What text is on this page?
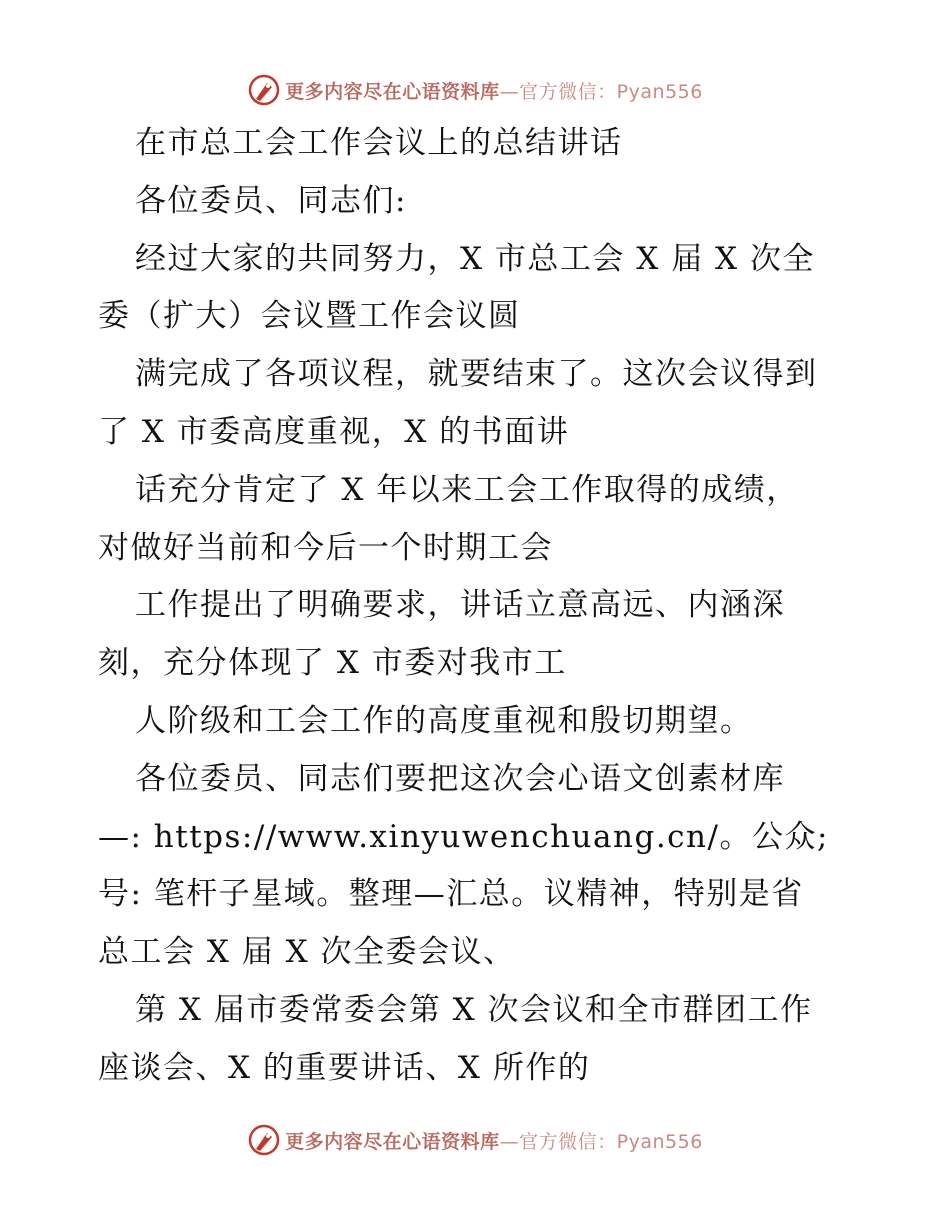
更多内容尽在心语资料库—官方微信：Pyan556
在市总工会工作会议上的总结讲话
各位委员、同志们:
经过大家的共同努力，X 市总工会 X 届 X 次全
委（扩大）会议暨工作会议圆
满完成了各项议程，就要结束了。这次会议得到
了 X 市委高度重视，X 的书面讲
话充分肯定了 X 年以来工会工作取得的成绩，
对做好当前和今后一个时期工会
工作提出了明确要求，讲话立意高远、内涵深
刻，充分体现了 X 市委对我市工
人阶级和工会工作的高度重视和殷切期望。
各位委员、同志们要把这次会心语文创素材库
—: https://www.xinyuwenchuang.cn/。公众;
号: 笔杆子星域。整理—汇总。议精神，特别是省
总工会 X 届 X 次全委会议、
第 X 届市委常委会第 X 次会议和全市群团工作
座谈会、X 的重要讲话、X 所作的
更多内容尽在心语资料库—官方微信：Pyan556
